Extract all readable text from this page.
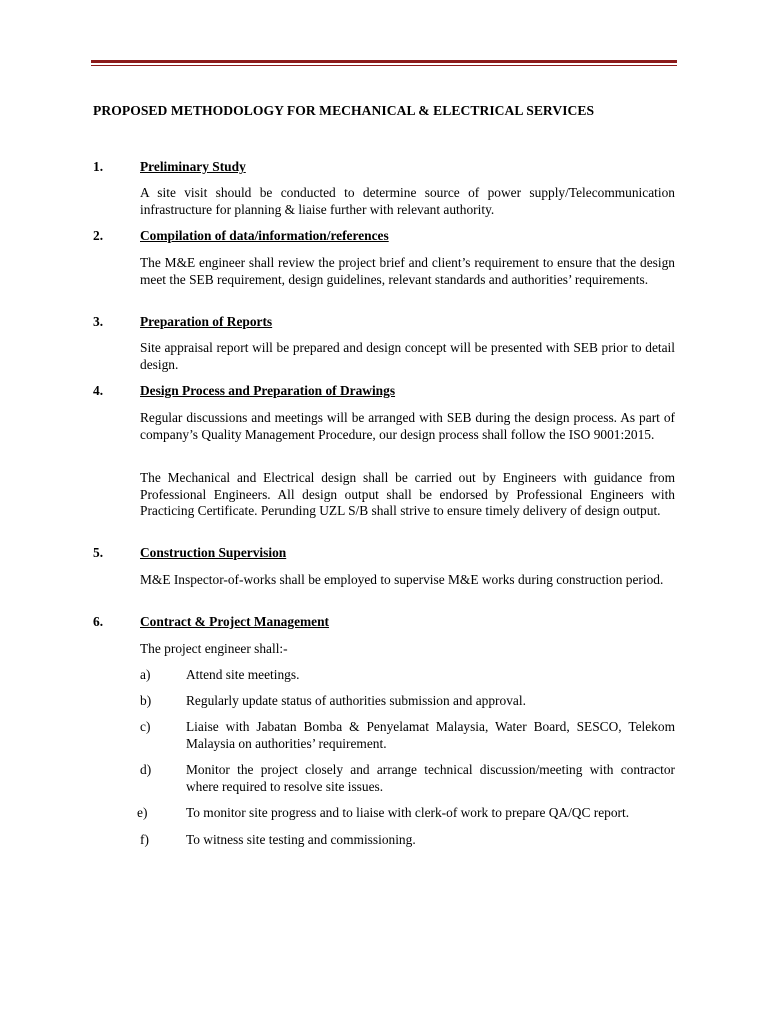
PROPOSED METHODOLOGY FOR MECHANICAL & ELECTRICAL SERVICES
1.	Preliminary Study
A site visit should be conducted to determine source of power supply/Telecommunication infrastructure for planning & liaise further with relevant authority.
2.	Compilation of data/information/references
The M&E engineer shall review the project brief and client’s requirement to ensure that the design meet the SEB requirement, design guidelines, relevant standards and authorities’ requirements.
3.	Preparation of Reports
Site appraisal report will be prepared and design concept will be presented with SEB prior to detail design.
4.	Design Process and Preparation of Drawings
Regular discussions and meetings will be arranged with SEB during the design process. As part of company’s Quality Management Procedure, our design process shall follow the ISO 9001:2015.
The Mechanical and Electrical design shall be carried out by Engineers with guidance from Professional Engineers. All design output shall be endorsed by Professional Engineers with Practicing Certificate. Perunding UZL S/B shall strive to ensure timely delivery of design output.
5.	Construction Supervision
M&E Inspector-of-works shall be employed to supervise M&E works during construction period.
6.	Contract & Project Management
The project engineer shall:-
a)	Attend site meetings.
b)	Regularly update status of authorities submission and approval.
c)	Liaise with Jabatan Bomba & Penyelamat Malaysia, Water Board, SESCO, Telekom Malaysia on authorities’ requirement.
d)	Monitor the project closely and arrange technical discussion/meeting with contractor where required to resolve site issues.
e)	To monitor site progress and to liaise with clerk-of work to prepare QA/QC report.
f)	To witness site testing and commissioning.
